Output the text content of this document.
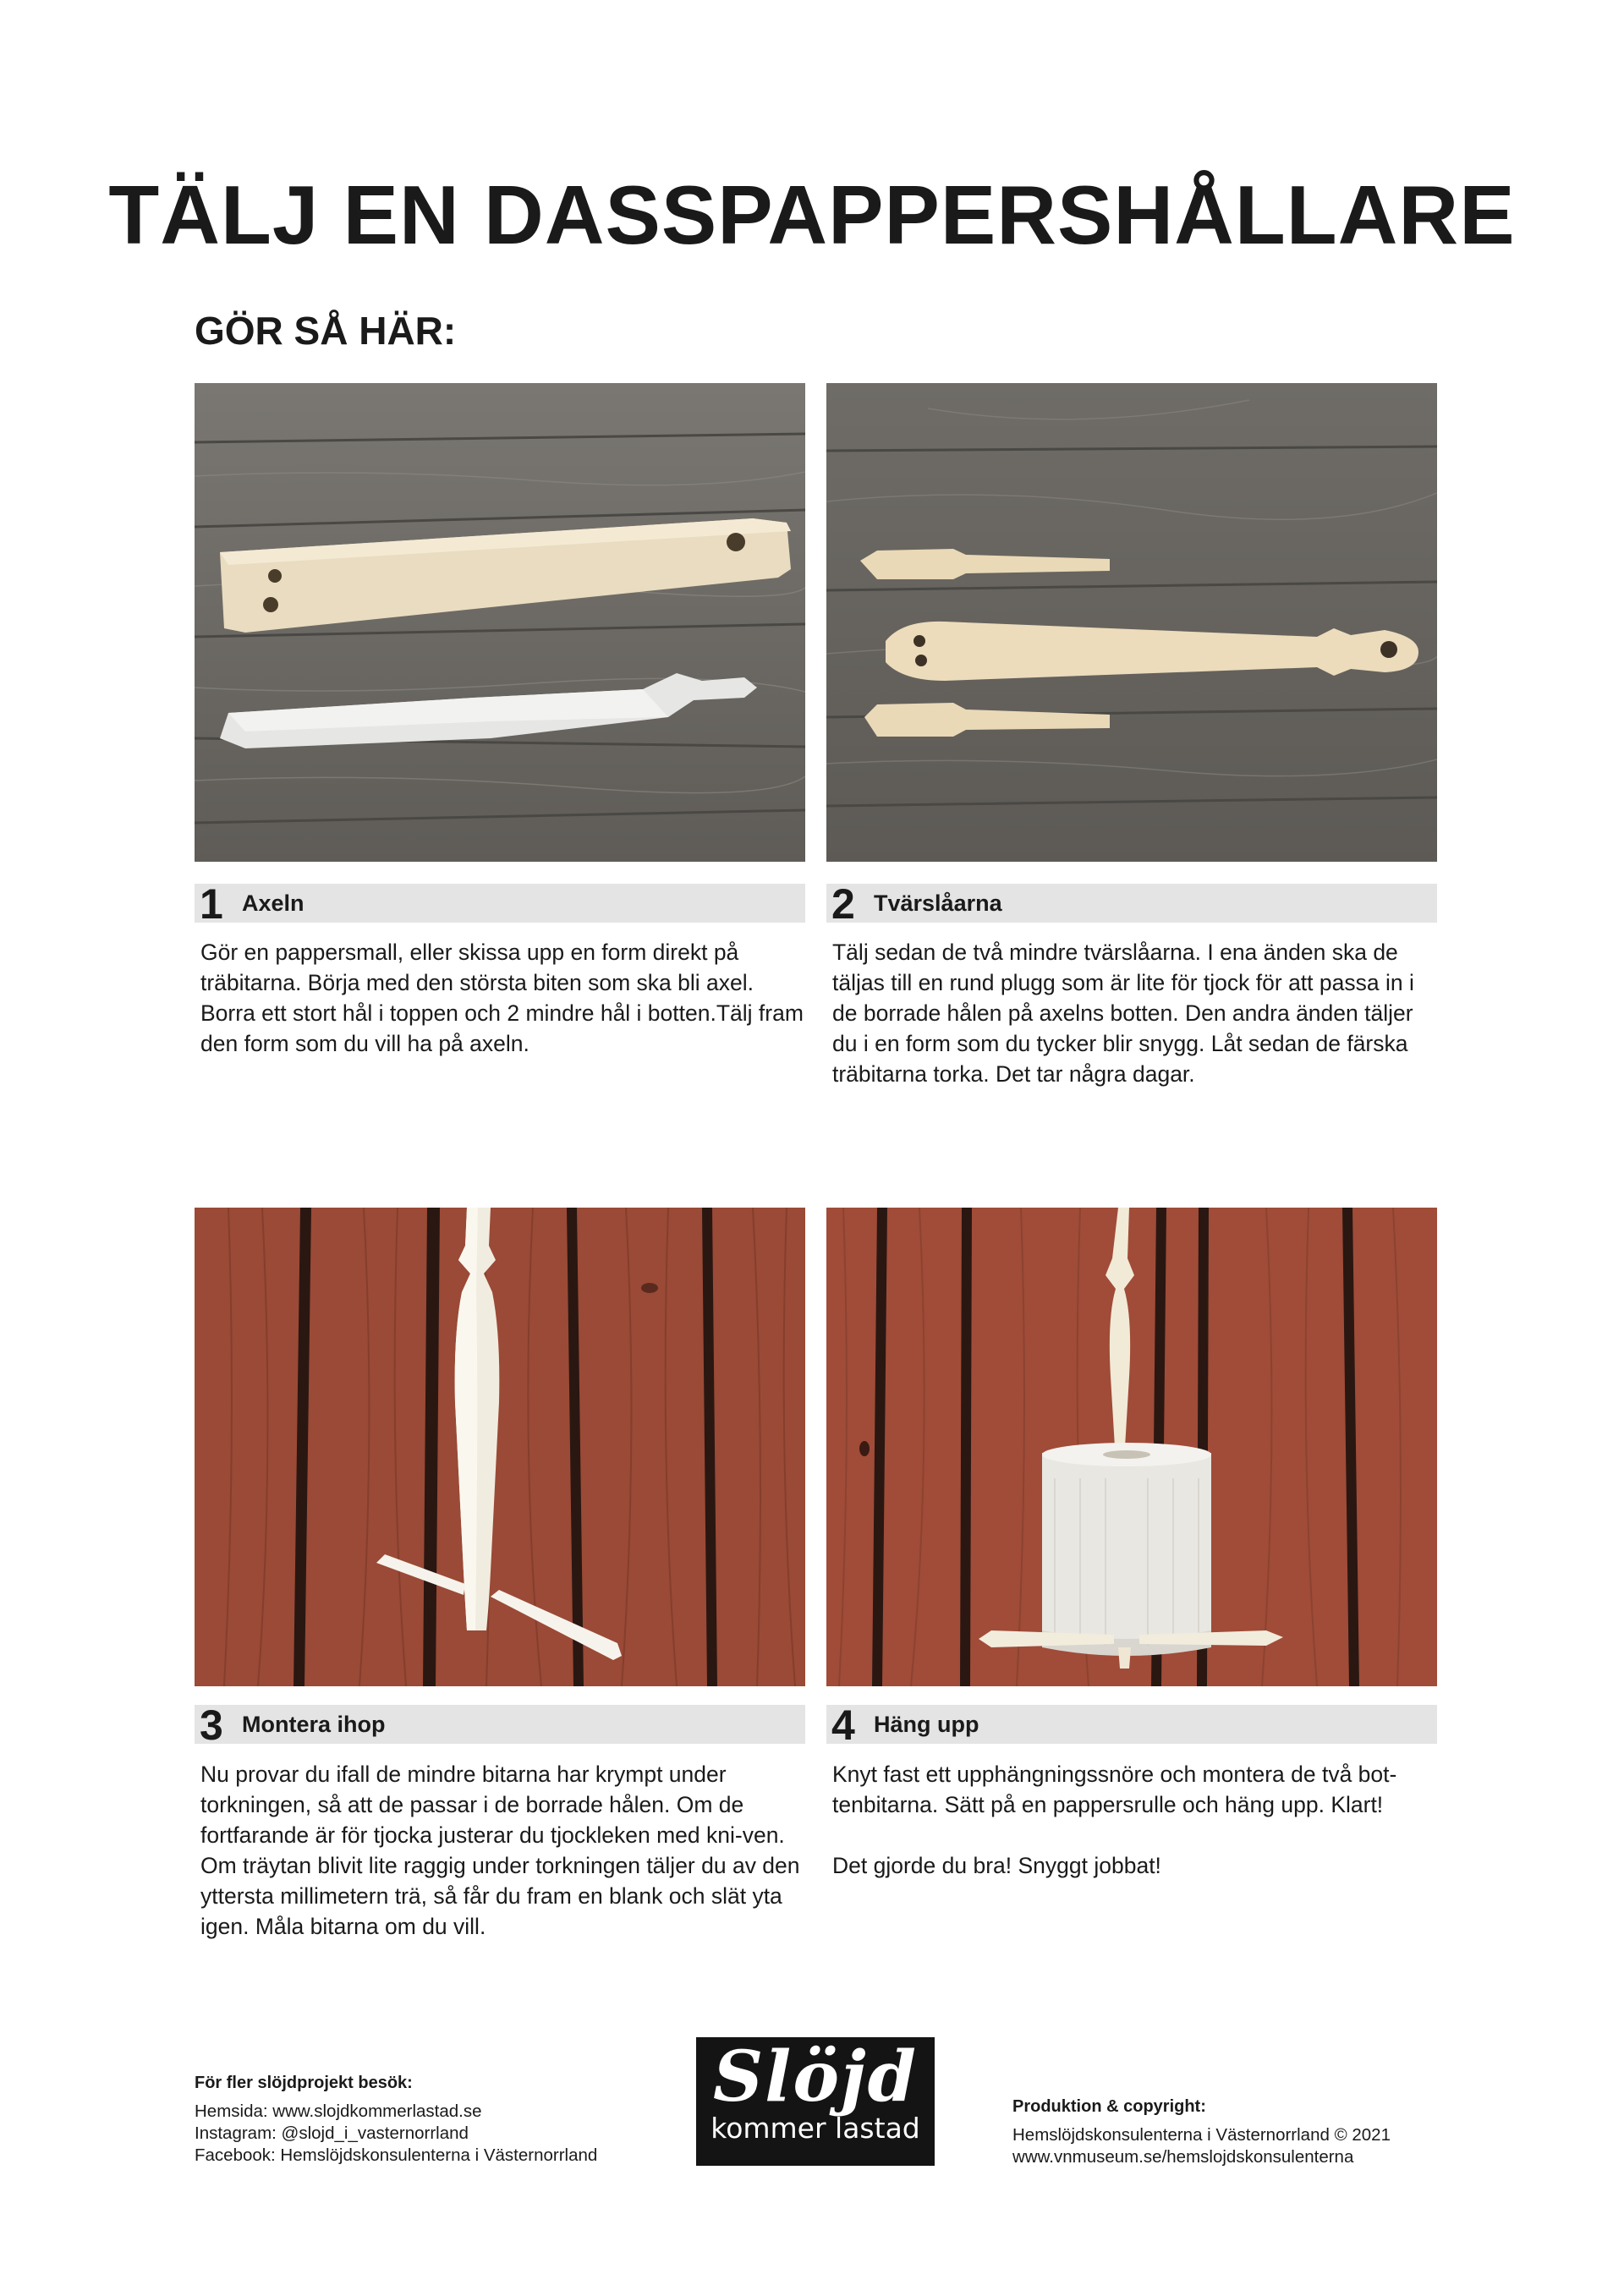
TÄLJ EN DASSPAPPERSHÅLLARE
GÖR SÅ HÄR:
1 Axeln	2 Tvärslåarna

Gör en pappersmall, eller skissa upp en form direkt på träbitarna. Börja med den största biten som ska bli axel. Borra ett stort hål i toppen och 2 mindre hål i botten.Tälj fram den form som du vill ha på axeln.

Tälj sedan de två mindre tvärslåarna. I ena änden ska de täljas till en rund plugg som är lite för tjock för att passa in i de borrade hålen på axelns botten. Den andra änden täljer du i en form som du tycker blir snygg. Låt sedan de färska träbitarna torka. Det tar några dagar.

3 Montera ihop	4 Häng upp

Nu provar du ifall de mindre bitarna har krympt under torkningen, så att de passar i de borrade hålen. Om de fortfarande är för tjocka justerar du tjockleken med kni-ven. Om träytan blivit lite raggig under torkningen täljer du av den yttersta millimetern trä, så får du fram en blank och slät yta igen. Måla bitarna om du vill.

Knyt fast ett upphängningssnöre och montera de två bot-tenbitarna. Sätt på en pappersrulle och häng upp. Klart!

Det gjorde du bra! Snyggt jobbat!

För fler slöjdprojekt besök:
Hemsida: www.slojdkommerlastad.se
Instagram: @slojd_i_vasternorrland
Facebook: Hemslöjdskonsulenterna i Västernorrland
Slöjd
kommer lastad
Produktion & copyright:
Hemslöjdskonsulenterna i Västernorrland © 2021
www.vnmuseum.se/hemslojdskonsulenterna
